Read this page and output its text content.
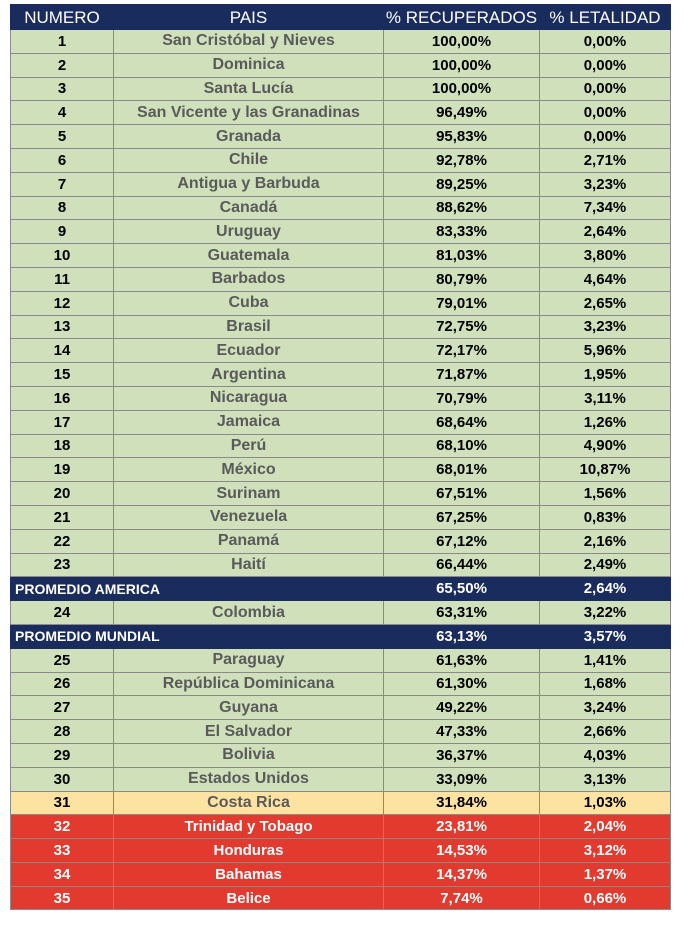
NUMERO	PAIS	% RECUPERADOS	% LETALIDAD
1	San Cristóbal y Nieves	100,00%	0,00%
2	Dominica	100,00%	0,00%
3	Santa Lucía	100,00%	0,00%
4	San Vicente y las Granadinas	96,49%	0,00%
5	Granada	95,83%	0,00%
6	Chile	92,78%	2,71%
7	Antigua y Barbuda	89,25%	3,23%
8	Canadá	88,62%	7,34%
9	Uruguay	83,33%	2,64%
10	Guatemala	81,03%	3,80%
11	Barbados	80,79%	4,64%
12	Cuba	79,01%	2,65%
13	Brasil	72,75%	3,23%
14	Ecuador	72,17%	5,96%
15	Argentina	71,87%	1,95%
16	Nicaragua	70,79%	3,11%
17	Jamaica	68,64%	1,26%
18	Perú	68,10%	4,90%
19	México	68,01%	10,87%
20	Surinam	67,51%	1,56%
21	Venezuela	67,25%	0,83%
22	Panamá	67,12%	2,16%
23	Haití	66,44%	2,49%
PROMEDIO AMERICA		65,50%	2,64%
24	Colombia	63,31%	3,22%
PROMEDIO MUNDIAL		63,13%	3,57%
25	Paraguay	61,63%	1,41%
26	República Dominicana	61,30%	1,68%
27	Guyana	49,22%	3,24%
28	El Salvador	47,33%	2,66%
29	Bolivia	36,37%	4,03%
30	Estados Unidos	33,09%	3,13%
31	Costa Rica	31,84%	1,03%
32	Trinidad y Tobago	23,81%	2,04%
33	Honduras	14,53%	3,12%
34	Bahamas	14,37%	1,37%
35	Belice	7,74%	0,66%
